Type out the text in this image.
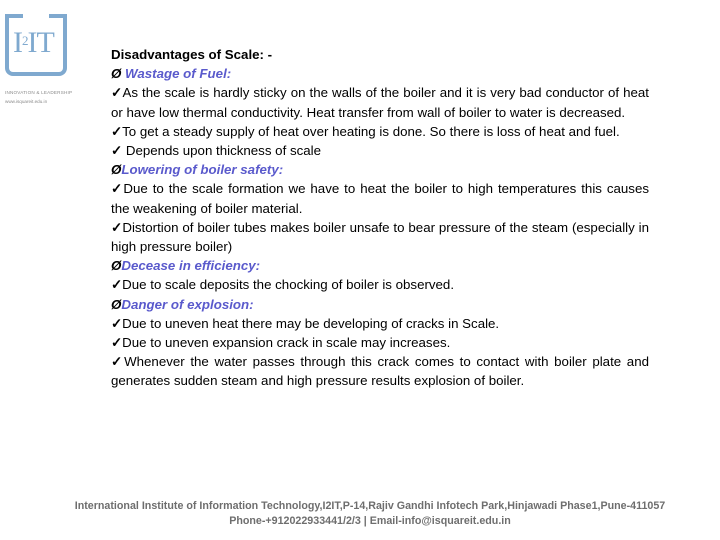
$I^2IT$
INNOVATION & LEADERSHIP
www.isquareit.edu.in

Disadvantages of Scale: -

Ø Wastage of Fuel:

✓As the scale is hardly sticky on the walls of the boiler and it is very bad conductor of heat or have low thermal conductivity. Heat transfer from wall of boiler to water is decreased.

✓To get a steady supply of heat over heating is done. So there is loss of heat and fuel.

✓ Depends upon thickness of scale

ØLowering of boiler safety:

✓Due to the scale formation we have to heat the boiler to high temperatures this causes the weakening of boiler material.

✓Distortion of boiler tubes makes boiler unsafe to bear pressure of the steam (especially in high pressure boiler)

ØDecease in efficiency:

✓Due to scale deposits the chocking of boiler is observed.

ØDanger of explosion:

✓Due to uneven heat there may be developing of cracks in Scale.

✓Due to uneven expansion crack in scale may increases.

✓Whenever the water passes through this crack comes to contact with boiler plate and generates sudden steam and high pressure results explosion of boiler.

International Institute of Information Technology,I2IT,P-14,Rajiv Gandhi Infotech Park,Hinjawadi Phase1,Pune-411057

Phone-+912022933441/2/3 | Email-info@isquareit.edu.in
